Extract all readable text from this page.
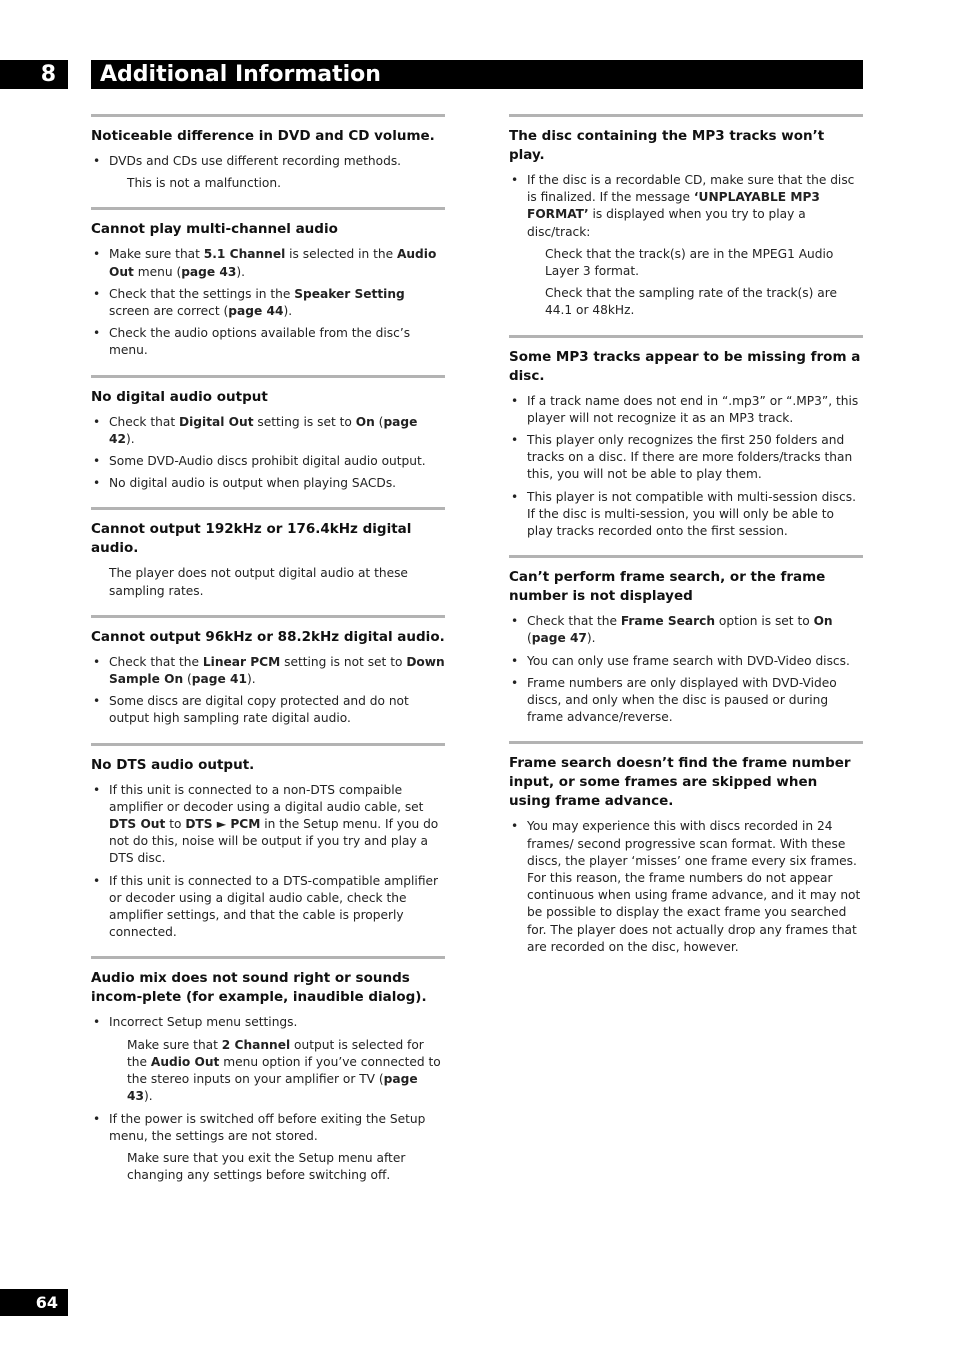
8	Additional Information
Noticeable difference in DVD and CD volume.
• DVDs and CDs use different recording methods.
This is not a malfunction.
Cannot play multi-channel audio
• Make sure that 5.1 Channel is selected in the Audio Out menu (page 43).
• Check that the settings in the Speaker Setting screen are correct (page 44).
• Check the audio options available from the disc’s menu.
No digital audio output
• Check that Digital Out setting is set to On (page 42).
• Some DVD-Audio discs prohibit digital audio output.
• No digital audio is output when playing SACDs.
Cannot output 192kHz or 176.4kHz digital audio.
The player does not output digital audio at these sampling rates.
Cannot output 96kHz or 88.2kHz digital audio.
• Check that the Linear PCM setting is not set to Down Sample On (page 41).
• Some discs are digital copy protected and do not output high sampling rate digital audio.
No DTS audio output.
• If this unit is connected to a non-DTS compaible amplifier or decoder using a digital audio cable, set DTS Out to DTS ► PCM in the Setup menu. If you do not do this, noise will be output if you try and play a DTS disc.
• If this unit is connected to a DTS-compatible amplifier or decoder using a digital audio cable, check the amplifier settings, and that the cable is properly connected.
Audio mix does not sound right or sounds incom-plete (for example, inaudible dialog).
• Incorrect Setup menu settings.
Make sure that 2 Channel output is selected for the Audio Out menu option if you’ve connected to the stereo inputs on your amplifier or TV (page 43).
• If the power is switched off before exiting the Setup menu, the settings are not stored.
Make sure that you exit the Setup menu after changing any settings before switching off.
The disc containing the MP3 tracks won’t play.
• If the disc is a recordable CD, make sure that the disc is finalized. If the message ‘UNPLAYABLE MP3 FORMAT’ is displayed when you try to play a disc/track:
Check that the track(s) are in the MPEG1 Audio Layer 3 format.
Check that the sampling rate of the track(s) are 44.1 or 48kHz.
Some MP3 tracks appear to be missing from a disc.
• If a track name does not end in “.mp3” or “.MP3”, this player will not recognize it as an MP3 track.
• This player only recognizes the first 250 folders and tracks on a disc. If there are more folders/tracks than this, you will not be able to play them.
• This player is not compatible with multi-session discs. If the disc is multi-session, you will only be able to play tracks recorded onto the first session.
Can’t perform frame search, or the frame number is not displayed
• Check that the Frame Search option is set to On (page 47).
• You can only use frame search with DVD-Video discs.
• Frame numbers are only displayed with DVD-Video discs, and only when the disc is paused or during frame advance/reverse.
Frame search doesn’t find the frame number input, or some frames are skipped when using frame advance.
• You may experience this with discs recorded in 24 frames/ second progressive scan format. With these discs, the player ‘misses’ one frame every six frames. For this reason, the frame numbers do not appear continuous when using frame advance, and it may not be possible to display the exact frame you searched for. The player does not actually drop any frames that are recorded on the disc, however.
64
